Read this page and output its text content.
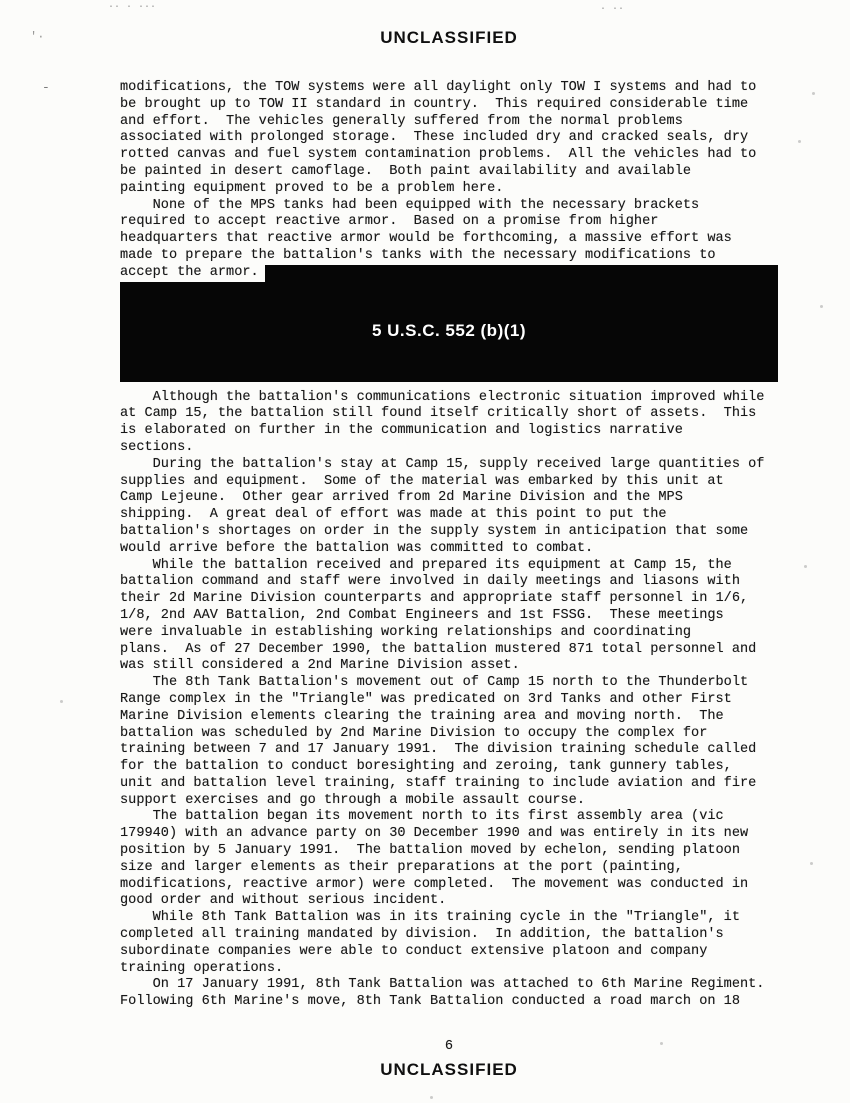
·· · ···	· ··
'·
-
UNCLASSIFIED
modifications, the TOW systems were all daylight only TOW I systems and had to
be brought up to TOW II standard in country.  This required considerable time
and effort.  The vehicles generally suffered from the normal problems
associated with prolonged storage.  These included dry and cracked seals, dry
rotted canvas and fuel system contamination problems.  All the vehicles had to
be painted in desert camoflage.  Both paint availability and available
painting equipment proved to be a problem here.
None of the MPS tanks had been equipped with the necessary brackets
required to accept reactive armor.  Based on a promise from higher
headquarters that reactive armor would be forthcoming, a massive effort was
made to prepare the battalion's tanks with the necessary modifications to
accept the armor.
5 U.S.C. 552 (b)(1)
Although the battalion's communications electronic situation improved while
at Camp 15, the battalion still found itself critically short of assets.  This
is elaborated on further in the communication and logistics narrative
sections.
During the battalion's stay at Camp 15, supply received large quantities of
supplies and equipment.  Some of the material was embarked by this unit at
Camp Lejeune.  Other gear arrived from 2d Marine Division and the MPS
shipping.  A great deal of effort was made at this point to put the
battalion's shortages on order in the supply system in anticipation that some
would arrive before the battalion was committed to combat.
While the battalion received and prepared its equipment at Camp 15, the
battalion command and staff were involved in daily meetings and liasons with
their 2d Marine Division counterparts and appropriate staff personnel in 1/6,
1/8, 2nd AAV Battalion, 2nd Combat Engineers and 1st FSSG.  These meetings
were invaluable in establishing working relationships and coordinating
plans.  As of 27 December 1990, the battalion mustered 871 total personnel and
was still considered a 2nd Marine Division asset.
The 8th Tank Battalion's movement out of Camp 15 north to the Thunderbolt
Range complex in the "Triangle" was predicated on 3rd Tanks and other First
Marine Division elements clearing the training area and moving north.  The
battalion was scheduled by 2nd Marine Division to occupy the complex for
training between 7 and 17 January 1991.  The division training schedule called
for the battalion to conduct boresighting and zeroing, tank gunnery tables,
unit and battalion level training, staff training to include aviation and fire
support exercises and go through a mobile assault course.
The battalion began its movement north to its first assembly area (vic
179940) with an advance party on 30 December 1990 and was entirely in its new
position by 5 January 1991.  The battalion moved by echelon, sending platoon
size and larger elements as their preparations at the port (painting,
modifications, reactive armor) were completed.  The movement was conducted in
good order and without serious incident.
While 8th Tank Battalion was in its training cycle in the "Triangle", it
completed all training mandated by division.  In addition, the battalion's
subordinate companies were able to conduct extensive platoon and company
training operations.
On 17 January 1991, 8th Tank Battalion was attached to 6th Marine Regiment.
Following 6th Marine's move, 8th Tank Battalion conducted a road march on 18
6
UNCLASSIFIED
